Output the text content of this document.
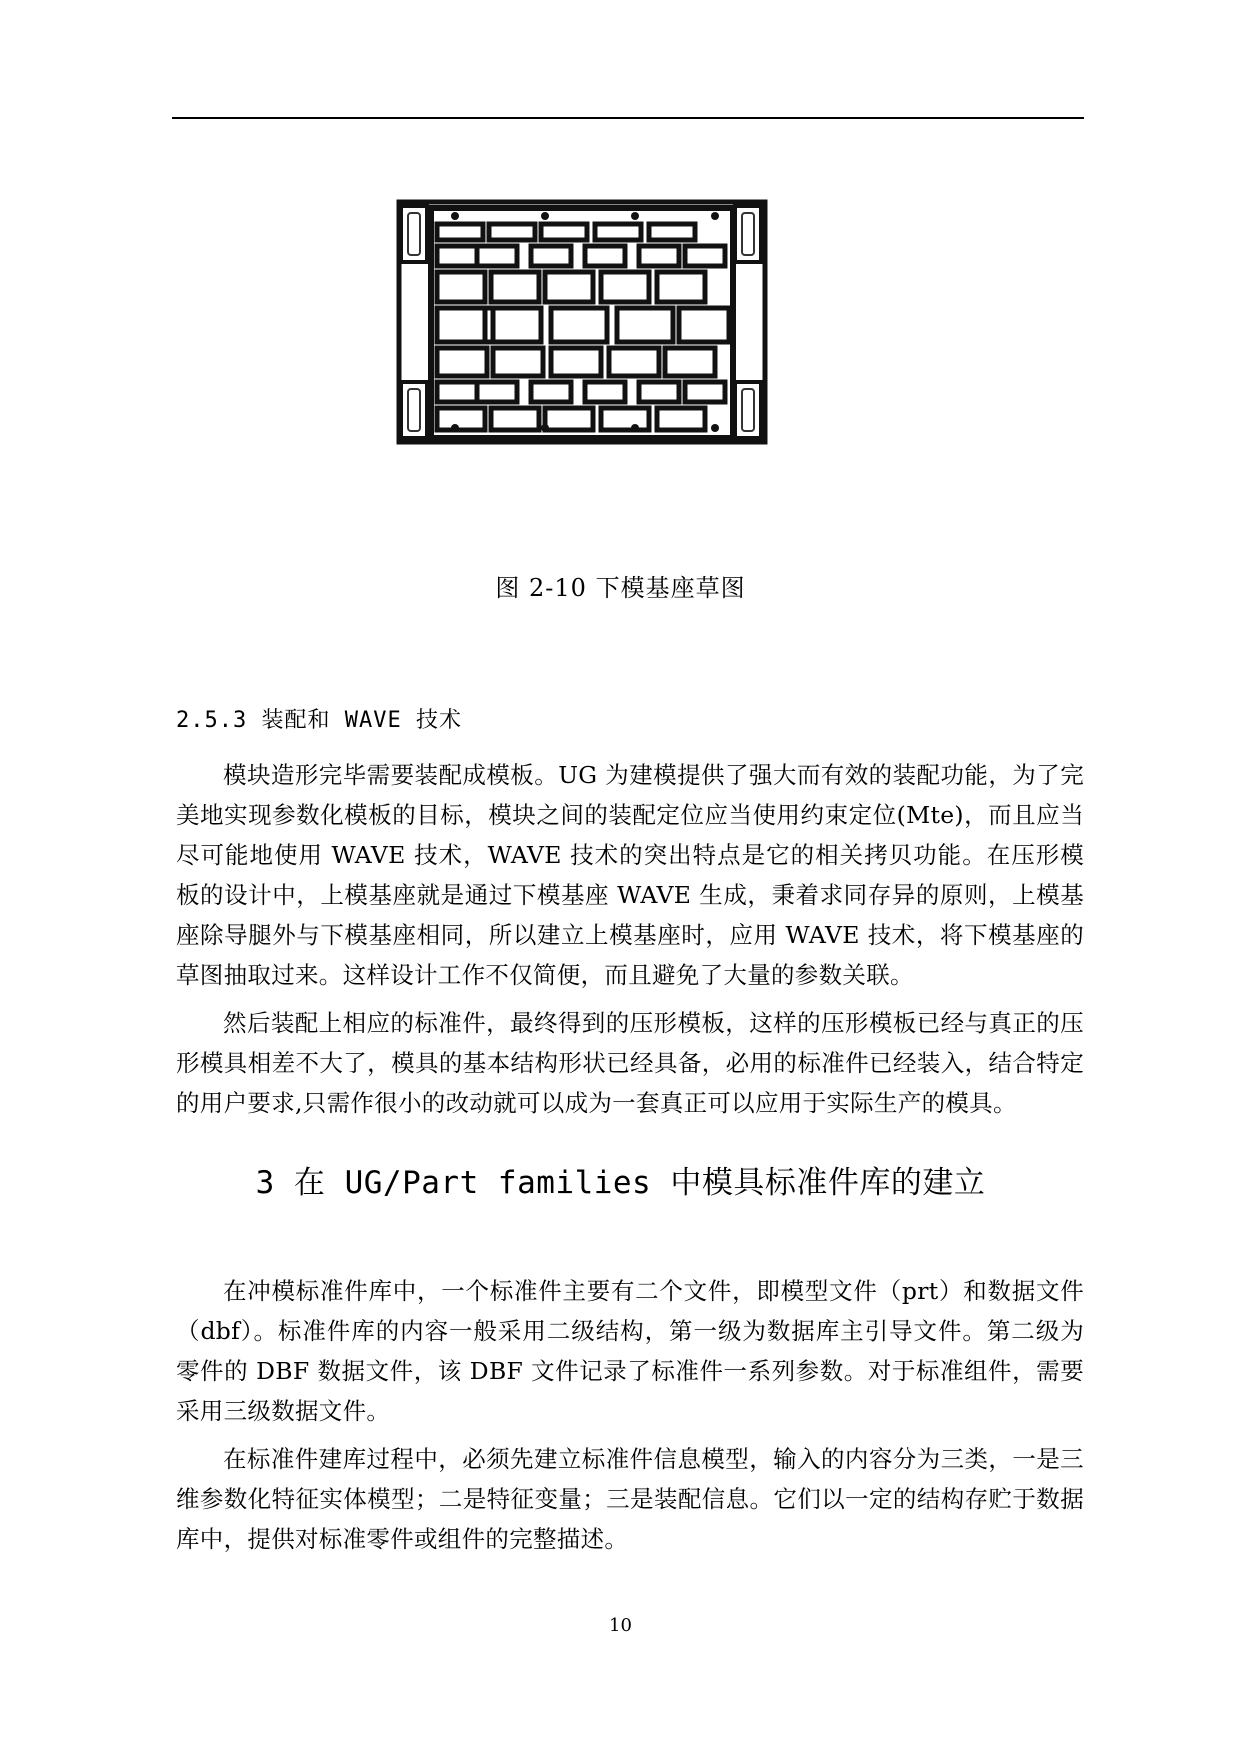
图 2-10 下模基座草图
2.5.3 装配和 WAVE 技术
模块造形完毕需要装配成模板。UG 为建模提供了强大而有效的装配功能，为了完美地实现参数化模板的目标，模块之间的装配定位应当使用约束定位(Mte)，而且应当尽可能地使用 WAVE 技术，WAVE 技术的突出特点是它的相关拷贝功能。在压形模板的设计中，上模基座就是通过下模基座 WAVE 生成，秉着求同存异的原则，上模基座除导腿外与下模基座相同，所以建立上模基座时，应用 WAVE 技术，将下模基座的草图抽取过来。这样设计工作不仅简便，而且避免了大量的参数关联。
然后装配上相应的标准件，最终得到的压形模板，这样的压形模板已经与真正的压形模具相差不大了，模具的基本结构形状已经具备，必用的标准件已经装入，结合特定的用户要求,只需作很小的改动就可以成为一套真正可以应用于实际生产的模具。
3 在 UG/Part families 中模具标准件库的建立
在冲模标准件库中，一个标准件主要有二个文件，即模型文件（prt）和数据文件（dbf）。标准件库的内容一般采用二级结构，第一级为数据库主引导文件。第二级为零件的 DBF 数据文件，该 DBF 文件记录了标准件一系列参数。对于标准组件，需要采用三级数据文件。
在标准件建库过程中，必须先建立标准件信息模型，输入的内容分为三类，一是三维参数化特征实体模型；二是特征变量；三是装配信息。它们以一定的结构存贮于数据库中，提供对标准零件或组件的完整描述。
10
